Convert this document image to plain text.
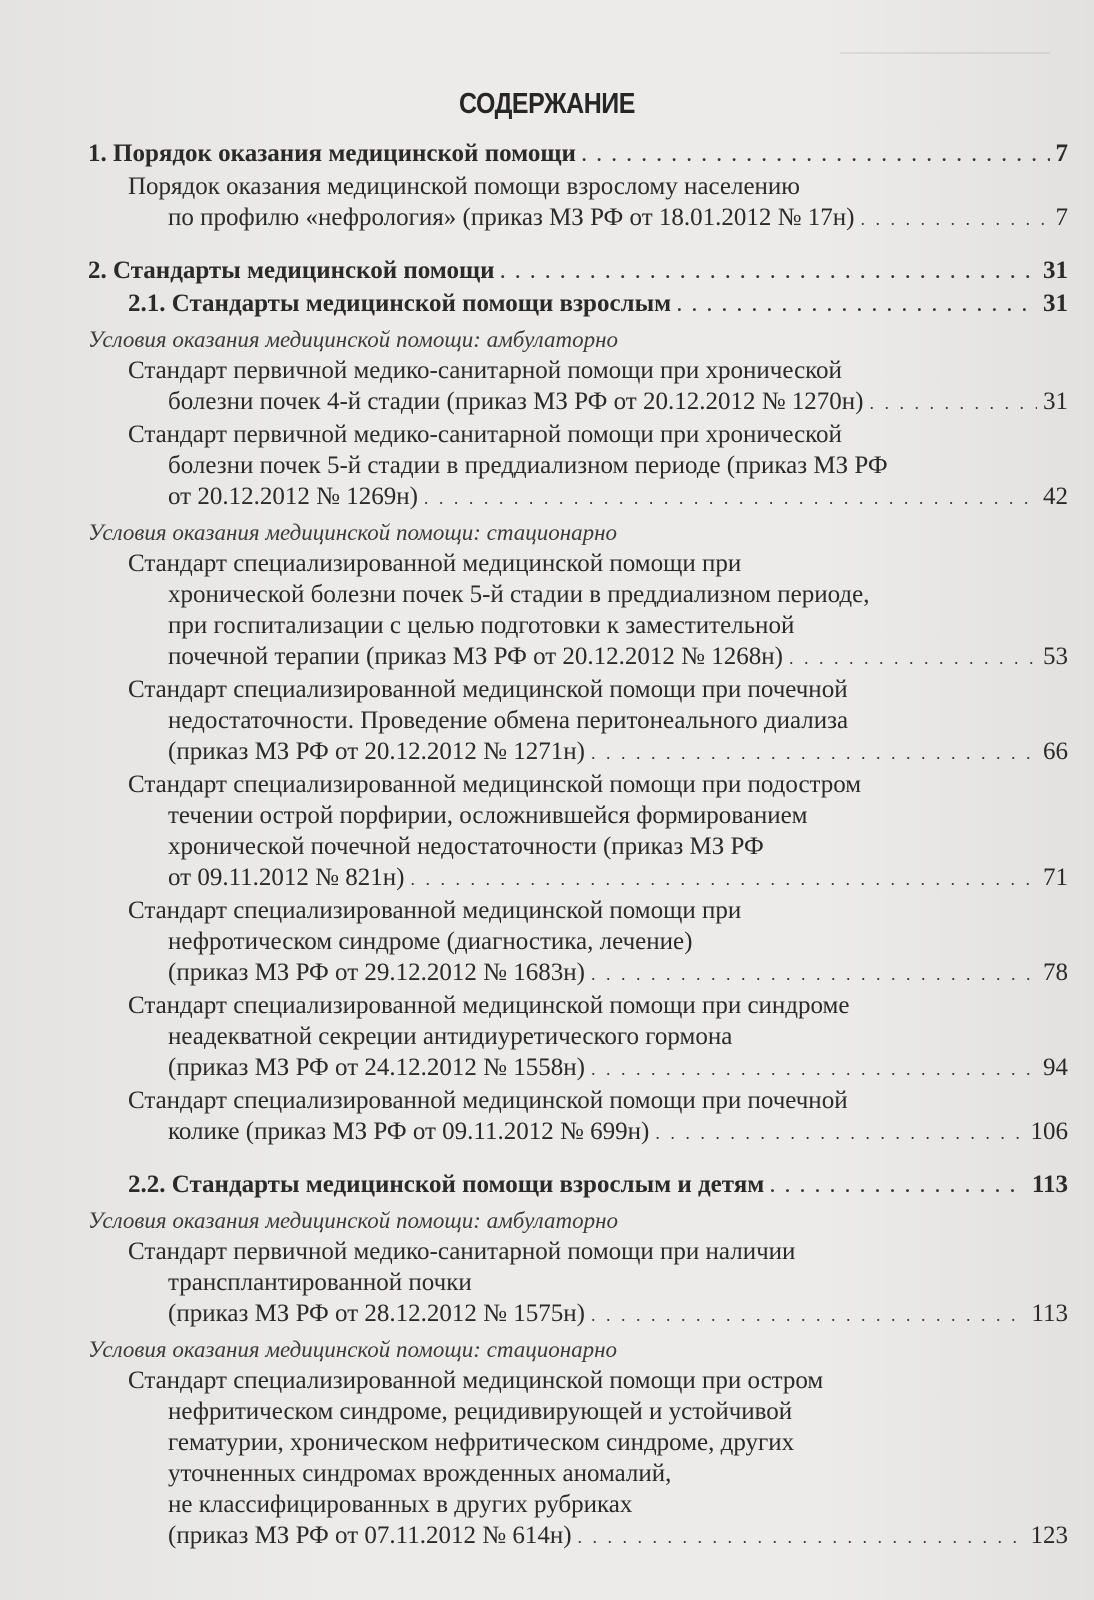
СОДЕРЖАНИЕ
1. Порядок оказания медицинской помощи . . .	7
Порядок оказания медицинской помощи взрослому населению
по профилю «нефрология» (приказ МЗ РФ от 18.01.2012 № 17н) . . .	7
2. Стандарты медицинской помощи . . .	31
2.1. Стандарты медицинской помощи взрослым . . .	31
Условия оказания медицинской помощи: амбулаторно
Стандарт первичной медико-санитарной помощи при хронической
болезни почек 4-й стадии (приказ МЗ РФ от 20.12.2012 № 1270н) . . .	31
Стандарт первичной медико-санитарной помощи при хронической
болезни почек 5-й стадии в преддиализном периоде (приказ МЗ РФ
от 20.12.2012 № 1269н) . . .	42
Условия оказания медицинской помощи: стационарно
Стандарт специализированной медицинской помощи при
хронической болезни почек 5-й стадии в преддиализном периоде,
при госпитализации с целью подготовки к заместительной
почечной терапии (приказ МЗ РФ от 20.12.2012 № 1268н) . . .	53
Стандарт специализированной медицинской помощи при почечной
недостаточности. Проведение обмена перитонеального диализа
(приказ МЗ РФ от 20.12.2012 № 1271н) . . .	66
Стандарт специализированной медицинской помощи при подостром
течении острой порфирии, осложнившейся формированием
хронической почечной недостаточности (приказ МЗ РФ
от 09.11.2012 № 821н) . . .	71
Стандарт специализированной медицинской помощи при
нефротическом синдроме (диагностика, лечение)
(приказ МЗ РФ от 29.12.2012 № 1683н) . . .	78
Стандарт специализированной медицинской помощи при синдроме
неадекватной секреции антидиуретического гормона
(приказ МЗ РФ от 24.12.2012 № 1558н) . . .	94
Стандарт специализированной медицинской помощи при почечной
колике (приказ МЗ РФ от 09.11.2012 № 699н) . . .	106
2.2. Стандарты медицинской помощи взрослым и детям . . .	113
Условия оказания медицинской помощи: амбулаторно
Стандарт первичной медико-санитарной помощи при наличии
трансплантированной почки
(приказ МЗ РФ от 28.12.2012 № 1575н) . . .	113
Условия оказания медицинской помощи: стационарно
Стандарт специализированной медицинской помощи при остром
нефритическом синдроме, рецидивирующей и устойчивой
гематурии, хроническом нефритическом синдроме, других
уточненных синдромах врожденных аномалий,
не классифицированных в других рубриках
(приказ МЗ РФ от 07.11.2012 № 614н) . . .	123
